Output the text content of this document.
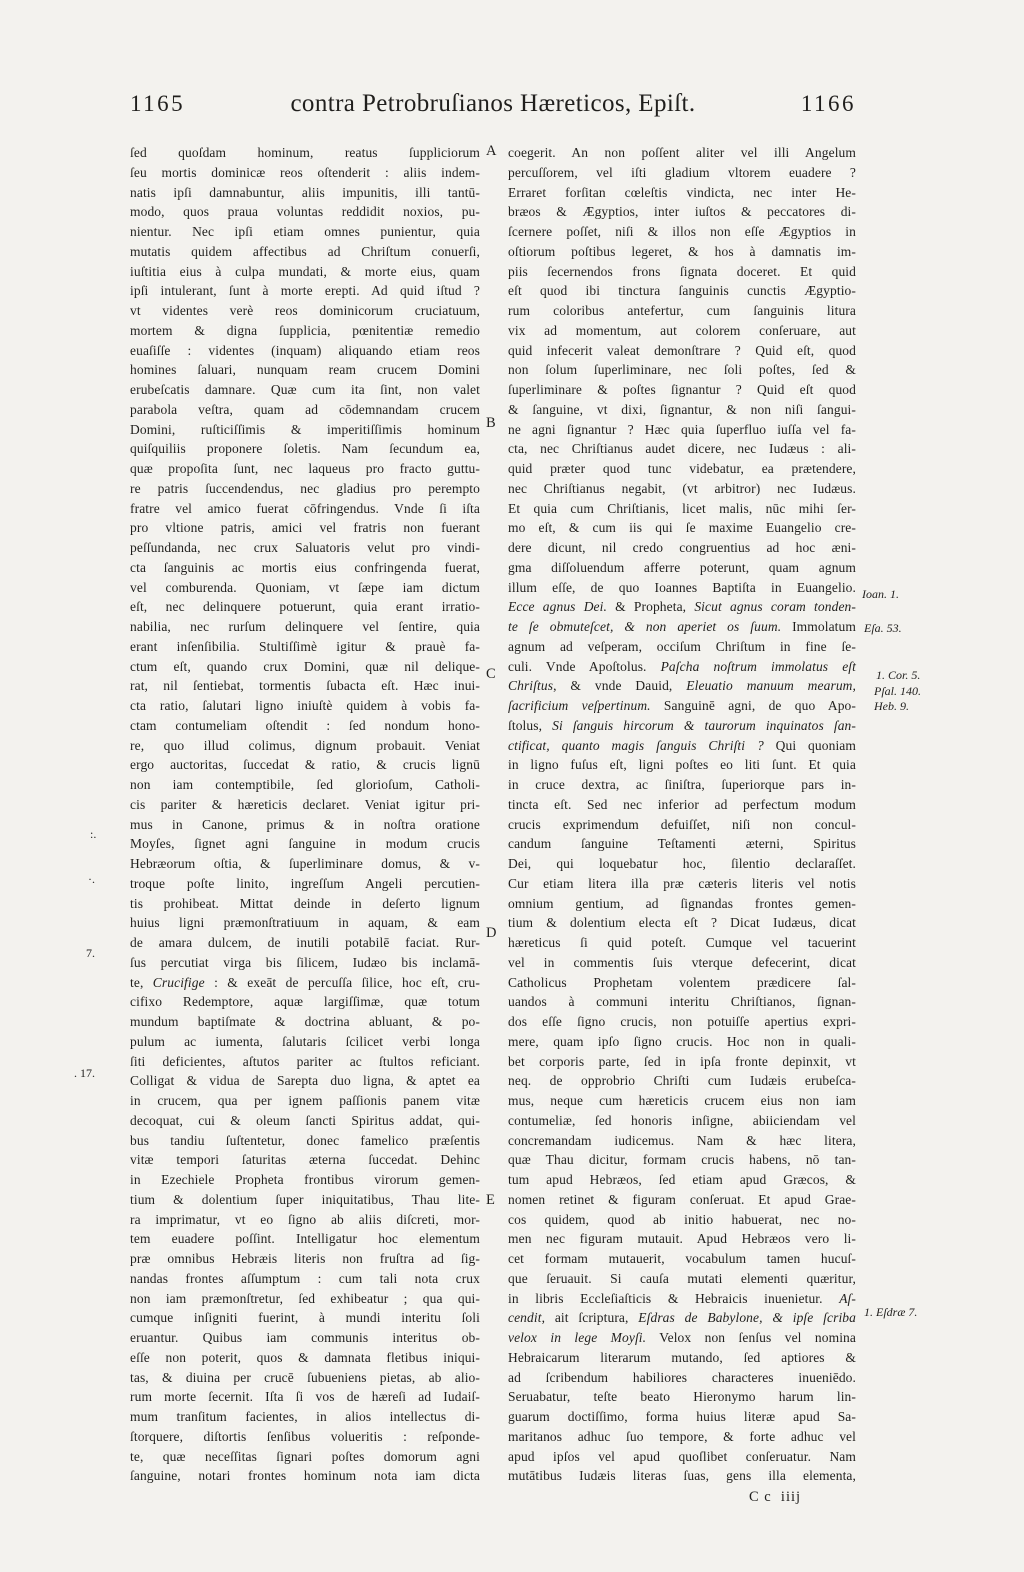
1165	contra Petrobruſianos Hæreticos, Epiſt.	1166
ſed quoſdam hominum, reatus ſuppliciorum
ſeu mortis dominicæ reos oſtenderit : aliis indem-
natis ipſi damnabuntur, aliis impunitis, illi tantū-
modo, quos praua voluntas reddidit noxios, pu-
nientur. Nec ipſi etiam omnes punientur, quia
mutatis quidem affectibus ad Chriſtum conuerſi,
iuſtitia eius à culpa mundati, & morte eius, quam
ipſi intulerant, ſunt à morte erepti. Ad quid iſtud ?
vt videntes verè reos dominicorum cruciatuum,
mortem & digna ſupplicia, pœnitentiæ remedio
euaſiſſe : videntes (inquam) aliquando etiam reos
homines ſaluari, nunquam ream crucem Domini
erubeſcatis damnare. Quæ cum ita ſint, non valet
parabola veſtra, quam ad cōdemnandam crucem
Domini, ruſticiſſimis & imperitiſſimis hominum
quiſquiliis proponere ſoletis. Nam ſecundum ea,
quæ propoſita ſunt, nec laqueus pro fracto guttu-
re patris ſuccendendus, nec gladius pro perempto
fratre vel amico fuerat cōfringendus. Vnde ſi iſta
pro vltione patris, amici vel fratris non fuerant
peſſundanda, nec crux Saluatoris velut pro vindi-
cta ſanguinis ac mortis eius confringenda fuerat,
vel comburenda. Quoniam, vt ſæpe iam dictum
eſt, nec delinquere potuerunt, quia erant irratio-
nabilia, nec rurſum delinquere vel ſentire, quia
erant inſenſibilia. Stultiſſimè igitur & prauè fa-
ctum eſt, quando crux Domini, quæ nil delique-
rat, nil ſentiebat, tormentis ſubacta eſt. Hæc inui-
cta ratio, ſalutari ligno iniuſtè quidem à vobis fa-
ctam contumeliam oſtendit : ſed nondum hono-
re, quo illud colimus, dignum probauit. Veniat
ergo auctoritas, ſuccedat & ratio, & crucis lignū
non iam contemptibile, ſed glorioſum, Catholi-
cis pariter & hæreticis declaret. Veniat igitur pri-
mus in Canone, primus & in noſtra oratione
Moyſes, ſignet agni ſanguine in modum crucis
Hebræorum oſtia, & ſuperliminare domus, & v-
troque poſte linito, ingreſſum Angeli percutien-
tis prohibeat. Mittat deinde in deſerto lignum
huius ligni præmonſtratiuum in aquam, & eam
de amara dulcem, de inutili potabilē faciat. Rur-
ſus percutiat virga bis ſilicem, Iudæo bis inclamā-
te, Crucifige : & exeāt de percuſſa ſilice, hoc eſt, cru-
cifixo Redemptore, aquæ largiſſimæ, quæ totum
mundum baptiſmate & doctrina abluant, & po-
pulum ac iumenta, ſalutaris ſcilicet verbi longa
ſiti deficientes, aſtutos pariter ac ſtultos reficiant.
Colligat & vidua de Sarepta duo ligna, & aptet ea
in crucem, qua per ignem paſſionis panem vitæ
decoquat, cui & oleum ſancti Spiritus addat, qui-
bus tandiu ſuſtentetur, donec famelico præſentis
vitæ tempori ſaturitas æterna ſuccedat. Dehinc
in Ezechiele Propheta frontibus virorum gemen-
tium & dolentium ſuper iniquitatibus, Thau lite-
ra imprimatur, vt eo ſigno ab aliis diſcreti, mor-
tem euadere poſſint. Intelligatur hoc elementum
præ omnibus Hebræis literis non fruſtra ad ſig-
nandas frontes aſſumptum : cum tali nota crux
non iam præmonſtretur, ſed exhibeatur ; qua qui-
cumque inſigniti fuerint, à mundi interitu ſoli
eruantur. Quibus iam communis interitus ob-
eſſe non poterit, quos & damnata fletibus iniqui-
tas, & diuina per crucē ſubueniens pietas, ab alio-
rum morte ſecernit. Iſta ſi vos de hæreſi ad Iudaiſ-
mum tranſitum facientes, in alios intellectus di-
ſtorquere, diſtortis ſenſibus volueritis : reſponde-
te, quæ neceſſitas ſignari poſtes domorum agni
ſanguine, notari frontes hominum nota iam dicta
coegerit. An non poſſent aliter vel illi Angelum
percuſſorem, vel iſti gladium vltorem euadere ?
Erraret forſitan cœleſtis vindicta, nec inter He-
bræos & Ægyptios, inter iuſtos & peccatores di-
ſcernere poſſet, niſi & illos non eſſe Ægyptios in
oſtiorum poſtibus legeret, & hos à damnatis im-
piis ſecernendos frons ſignata doceret. Et quid
eſt quod ibi tinctura ſanguinis cunctis Ægyptio-
rum coloribus antefertur, cum ſanguinis litura
vix ad momentum, aut colorem conſeruare, aut
quid infecerit valeat demonſtrare ? Quid eſt, quod
non ſolum ſuperliminare, nec ſoli poſtes, ſed &
ſuperliminare & poſtes ſignantur ? Quid eſt quod
& ſanguine, vt dixi, ſignantur, & non niſi ſangui-
ne agni ſignantur ? Hæc quia ſuperfluo iuſſa vel fa-
cta, nec Chriſtianus audet dicere, nec Iudæus : ali-
quid præter quod tunc videbatur, ea prætendere,
nec Chriſtianus negabit, (vt arbitror) nec Iudæus.
Et quia cum Chriſtianis, licet malis, nūc mihi ſer-
mo eſt, & cum iis qui ſe maxime Euangelio cre-
dere dicunt, nil credo congruentius ad hoc æni-
gma diſſoluendum afferre poterunt, quam agnum
illum eſſe, de quo Ioannes Baptiſta in Euangelio.
Ecce agnus Dei. & Propheta, Sicut agnus coram tonden-
te ſe obmuteſcet, & non aperiet os ſuum. Immolatum
agnum ad veſperam, occiſum Chriſtum in fine ſe-
culi. Vnde Apoſtolus. Paſcha noſtrum immolatus eſt
Chriſtus, & vnde Dauid, Eleuatio manuum mearum,
ſacrificium veſpertinum. Sanguinē agni, de quo Apo-
ſtolus, Si ſanguis hircorum & taurorum inquinatos ſan-
ctificat, quanto magis ſanguis Chriſti ? Qui quoniam
in ligno fuſus eſt, ligni poſtes eo liti ſunt. Et quia
in cruce dextra, ac ſiniſtra, ſuperiorque pars in-
tincta eſt. Sed nec inferior ad perfectum modum
crucis exprimendum defuiſſet, niſi non concul-
candum ſanguine Teſtamenti æterni, Spiritus
Dei, qui loquebatur hoc, ſilentio declaraſſet.
Cur etiam litera illa præ cæteris literis vel notis
omnium gentium, ad ſignandas frontes gemen-
tium & dolentium electa eſt ? Dicat Iudæus, dicat
hæreticus ſi quid poteſt. Cumque vel tacuerint
vel in commentis ſuis vterque defecerint, dicat
Catholicus Prophetam volentem prædicere ſal-
uandos à communi interitu Chriſtianos, ſignan-
dos eſſe ſigno crucis, non potuiſſe apertius expri-
mere, quam ipſo ſigno crucis. Hoc non in quali-
bet corporis parte, ſed in ipſa fronte depinxit, vt
neq. de opprobrio Chriſti cum Iudæis erubeſca-
mus, neque cum hæreticis crucem eius non iam
contumeliæ, ſed honoris inſigne, abiiciendam vel
concremandam iudicemus. Nam & hæc litera,
quæ Thau dicitur, formam crucis habens, nō tan-
tum apud Hebræos, ſed etiam apud Græcos, &
nomen retinet & figuram conſeruat. Et apud Grae-
cos quidem, quod ab initio habuerat, nec no-
men nec figuram mutauit. Apud Hebræos vero li-
cet formam mutauerit, vocabulum tamen hucuſ-
que ſeruauit. Si cauſa mutati elementi quæritur,
in libris Eccleſiaſticis & Hebraicis inuenietur. Aſ-
cendit, ait ſcriptura, Eſdras de Babylone, & ipſe ſcriba
velox in lege Moyſi. Velox non ſenſus vel nomina
Hebraicarum literarum mutando, ſed aptiores &
ad ſcribendum habiliores characteres inueniēdo.
Seruabatur, teſte beato Hieronymo harum lin-
guarum doctiſſimo, forma huius literæ apud Sa-
maritanos adhuc ſuo tempore, & forte adhuc vel
apud ipſos vel apud quoſlibet conſeruatur. Nam
mutātibus Iudæis literas ſuas, gens illa elementa,
A
B
C
D
E
:.
·.
7.
. 17.
Ioan. 1.
Eſa. 53.
1. Cor. 5.
Pſal. 140.
Heb. 9.
1. Eſdræ 7.
C c  iiij
